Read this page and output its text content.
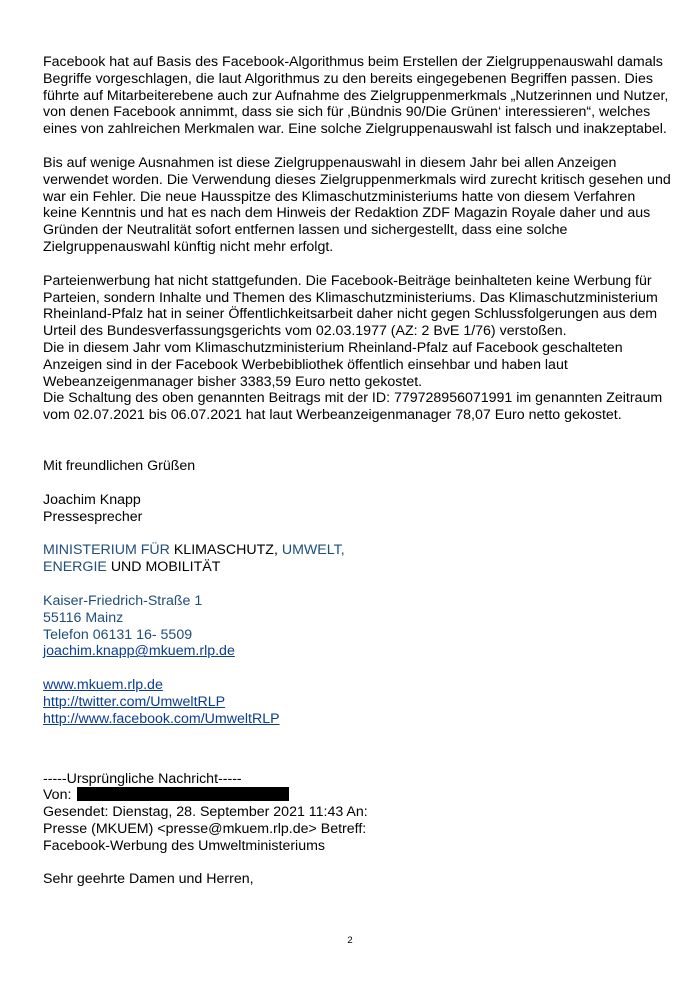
Facebook hat auf Basis des Facebook-Algorithmus beim Erstellen der Zielgruppenauswahl damals Begriffe vorgeschlagen, die laut Algorithmus zu den bereits eingegebenen Begriffen passen. Dies führte auf Mitarbeiterebene auch zur Aufnahme des Zielgruppenmerkmals „Nutzerinnen und Nutzer, von denen Facebook annimmt, dass sie sich für ‚Bündnis 90/Die Grünen‘ interessieren“, welches eines von zahlreichen Merkmalen war. Eine solche Zielgruppenauswahl ist falsch und inakzeptabel.

Bis auf wenige Ausnahmen ist diese Zielgruppenauswahl in diesem Jahr bei allen Anzeigen verwendet worden. Die Verwendung dieses Zielgruppenmerkmals wird zurecht kritisch gesehen und war ein Fehler. Die neue Hausspitze des Klimaschutzministeriums hatte von diesem Verfahren keine Kenntnis und hat es nach dem Hinweis der Redaktion ZDF Magazin Royale daher und aus Gründen der Neutralität sofort entfernen lassen und sichergestellt, dass eine solche Zielgruppenauswahl künftig nicht mehr erfolgt.

Parteienwerbung hat nicht stattgefunden. Die Facebook-Beiträge beinhalteten keine Werbung für Parteien, sondern Inhalte und Themen des Klimaschutzministeriums. Das Klimaschutzministerium Rheinland-Pfalz hat in seiner Öffentlichkeitsarbeit daher nicht gegen Schlussfolgerungen aus dem Urteil des Bundesverfassungsgerichts vom 02.03.1977 (AZ: 2 BvE 1/76) verstoßen.

Die in diesem Jahr vom Klimaschutzministerium Rheinland-Pfalz auf Facebook geschalteten Anzeigen sind in der Facebook Werbebibliothek öffentlich einsehbar und haben laut Webeanzeigenmanager bisher 3383,59 Euro netto gekostet.

Die Schaltung des oben genannten Beitrags mit der ID: 779728956071991 im genannten Zeitraum vom 02.07.2021 bis 06.07.2021 hat laut Werbeanzeigenmanager 78,07 Euro netto gekostet.

Mit freundlichen Grüßen

Joachim Knapp

Pressesprecher

MINISTERIUM FÜR KLIMASCHUTZ, UMWELT,

ENERGIE UND MOBILITÄT

Kaiser-Friedrich-Straße 1

55116 Mainz

Telefon 06131 16- 5509

joachim.knapp@mkuem.rlp.de
www.mkuem.rlp.de
http://twitter.com/UmweltRLP
http://www.facebook.com/UmweltRLP

-----Ursprüngliche Nachricht-----

Von:

Gesendet: Dienstag, 28. September 2021 11:43 An:

Presse (MKUEM) <presse@mkuem.rlp.de> Betreff:

Facebook-Werbung des Umweltministeriums

Sehr geehrte Damen und Herren,

2
